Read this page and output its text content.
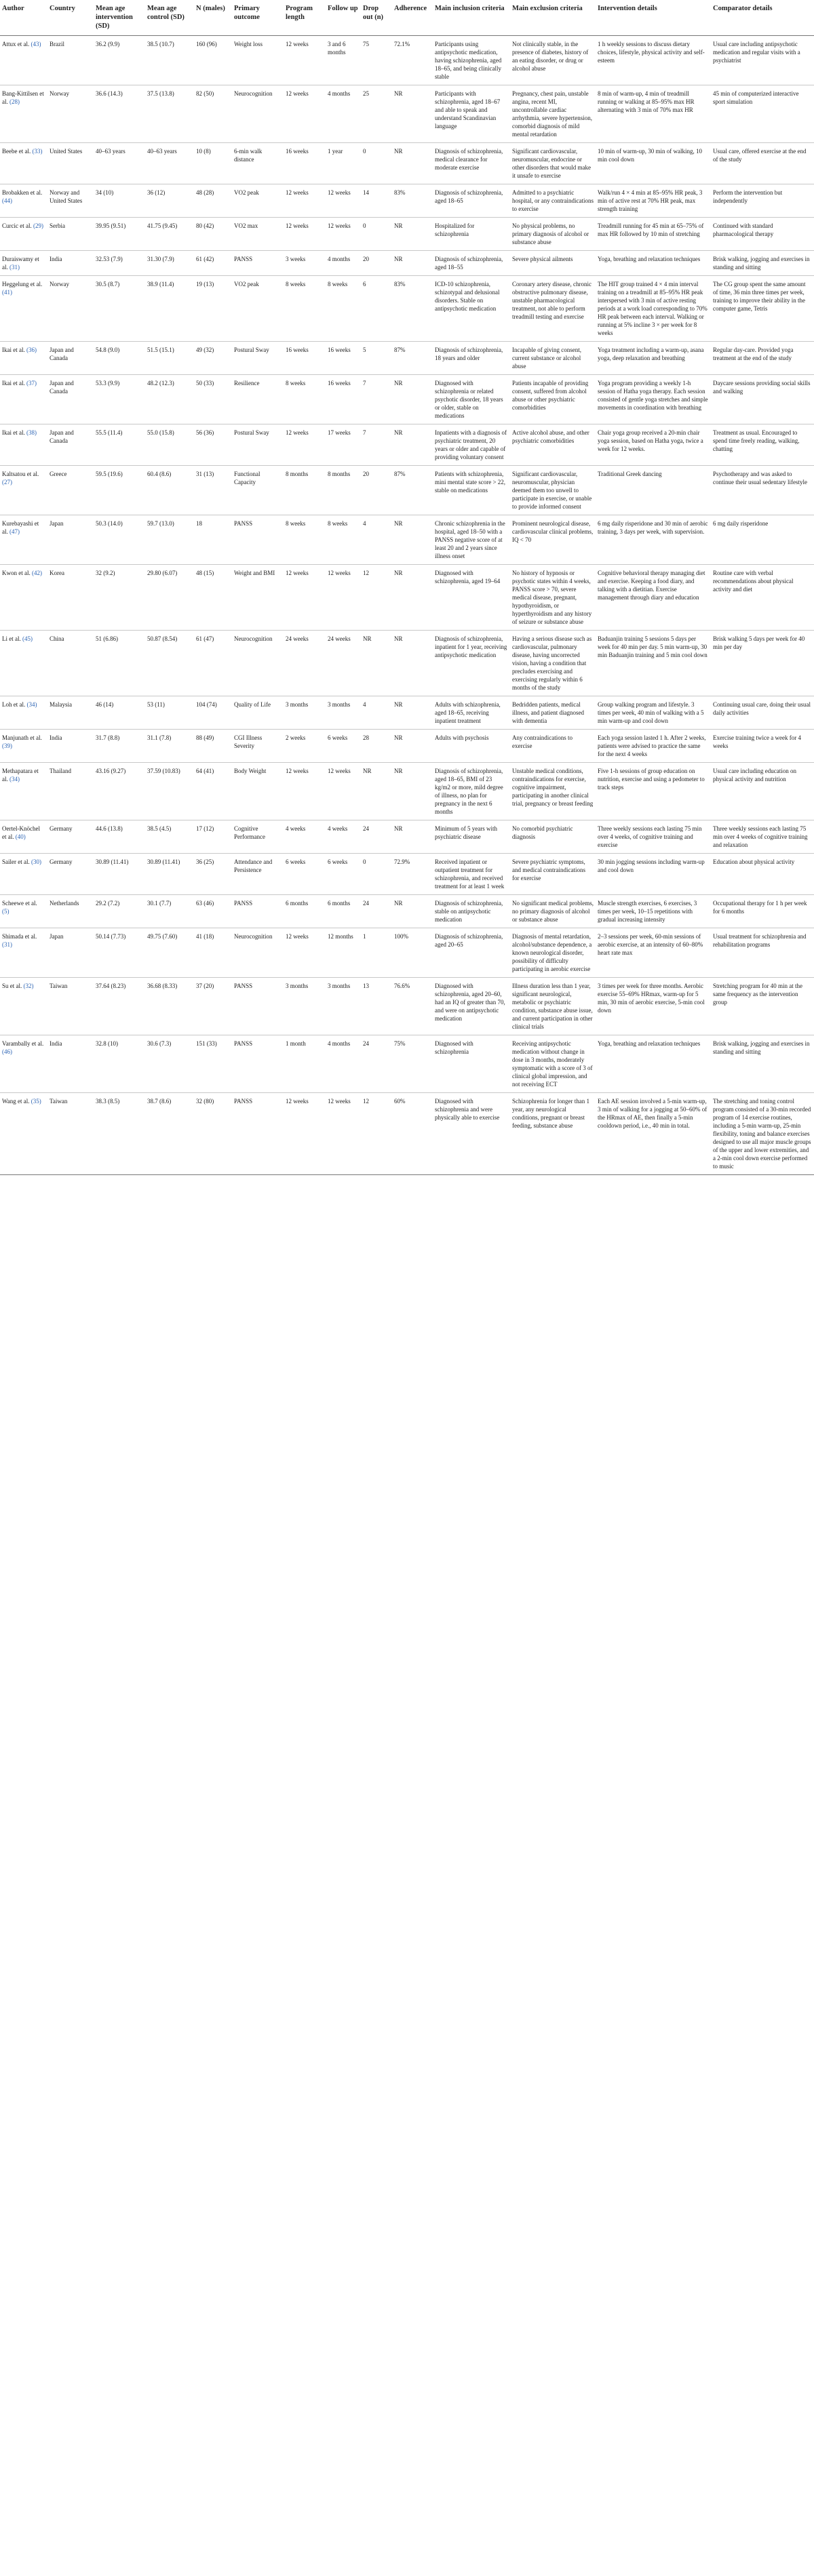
Author	Country	Mean age intervention (SD)	Mean age control (SD)	N (males)	Primary outcome	Program length	Follow up	Drop out (n)	Adherence	Main inclusion criteria	Main exclusion criteria	Intervention details	Comparator details
Attux et al. (43)	Brazil	36.2 (9.9)	38.5 (10.7)	160 (96)	Weight loss	12 weeks	3 and 6 months	75	72.1%	Participants using antipsychotic medication, having schizophrenia, aged 18–65, and being clinically stable	Not clinically stable, in the presence of diabetes, history of an eating disorder, or drug or alcohol abuse	1 h weekly sessions to discuss dietary choices, lifestyle, physical activity and self-esteem	Usual care including antipsychotic medication and regular visits with a psychiatrist
Bang-Kittilsen et al. (28)	Norway	36.6 (14.3)	37.5 (13.8)	82 (50)	Neurocognition	12 weeks	4 months	25	NR	Participants with schizophrenia, aged 18–67 and able to speak and understand Scandinavian language	Pregnancy, chest pain, unstable angina, recent MI, uncontrollable cardiac arrhythmia, severe hypertension, comorbid diagnosis of mild mental retardation	8 min of warm-up, 4 min of treadmill running or walking at 85–95% max HR alternating with 3 min of 70% max HR	45 min of computerized interactive sport simulation
Beebe et al. (33)	United States	40–63 years	40–63 years	10 (8)	6-min walk distance	16 weeks	1 year	0	NR	Diagnosis of schizophrenia, medical clearance for moderate exercise	Significant cardiovascular, neuromuscular, endocrine or other disorders that would make it unsafe to exercise	10 min of warm-up, 30 min of walking, 10 min cool down	Usual care, offered exercise at the end of the study
Brobakken et al. (44)	Norway and United States	34 (10)	36 (12)	48 (28)	VO2 peak	12 weeks	12 weeks	14	83%	Diagnosis of schizophrenia, aged 18–65	Admitted to a psychiatric hospital, or any contraindications to exercise	Walk/run 4 × 4 min at 85–95% HR peak, 3 min of active rest at 70% HR peak, max strength training	Perform the intervention but independently
Curcic et al. (29)	Serbia	39.95 (9.51)	41.75 (9.45)	80 (42)	VO2 max	12 weeks	12 weeks	0	NR	Hospitalized for schizophrenia	No physical problems, no primary diagnosis of alcohol or substance abuse	Treadmill running for 45 min at 65–75% of max HR followed by 10 min of stretching	Continued with standard pharmacological therapy
Duraiswamy et al. (31)	India	32.53 (7.9)	31.30 (7.9)	61 (42)	PANSS	3 weeks	4 months	20	NR	Diagnosis of schizophrenia, aged 18–55	Severe physical ailments	Yoga, breathing and relaxation techniques	Brisk walking, jogging and exercises in standing and sitting
Heggelung et al. (41)	Norway	30.5 (8.7)	38.9 (11.4)	19 (13)	VO2 peak	8 weeks	8 weeks	6	83%	ICD-10 schizophrenia, schizotypal and delusional disorders. Stable on antipsychotic medication	Coronary artery disease, chronic obstructive pulmonary disease, unstable pharmacological treatment, not able to perform treadmill testing and exercise	The HIT group trained 4 × 4 min interval training on a treadmill at 85–95% HR peak interspersed with 3 min of active resting periods at a work load corresponding to 70% HR peak between each interval. Walking or running at 5% incline 3 × per week for 8 weeks	The CG group spent the same amount of time, 36 min three times per week, training to improve their ability in the computer game, Tetris
Ikai et al. (36)	Japan and Canada	54.8 (9.0)	51.5 (15.1)	49 (32)	Postural Sway	16 weeks	16 weeks	5	87%	Diagnosis of schizophrenia, 18 years and older	Incapable of giving consent, current substance or alcohol abuse	Yoga treatment including a warm-up, asana yoga, deep relaxation and breathing	Regular day-care. Provided yoga treatment at the end of the study
Ikai et al. (37)	Japan and Canada	53.3 (9.9)	48.2 (12.3)	50 (33)	Resilience	8 weeks	16 weeks	7	NR	Diagnosed with schizophrenia or related psychotic disorder, 18 years or older, stable on medications	Patients incapable of providing consent, suffered from alcohol abuse or other psychiatric comorbidities	Yoga program providing a weekly 1-h session of Hatha yoga therapy. Each session consisted of gentle yoga stretches and simple movements in coordination with breathing	Daycare sessions providing social skills and walking
Ikai et al. (38)	Japan and Canada	55.5 (11.4)	55.0 (15.8)	56 (36)	Postural Sway	12 weeks	17 weeks	7	NR	Inpatients with a diagnosis of psychiatric treatment, 20 years or older and capable of providing voluntary consent	Active alcohol abuse, and other psychiatric comorbidities	Chair yoga group received a 20-min chair yoga session, based on Hatha yoga, twice a week for 12 weeks.	Treatment as usual. Encouraged to spend time freely reading, walking, chatting
Kaltsatou et al. (27)	Greece	59.5 (19.6)	60.4 (8.6)	31 (13)	Functional Capacity	8 months	8 months	20	87%	Patients with schizophrenia, mini mental state score > 22, stable on medications	Significant cardiovascular, neuromuscular, physician deemed them too unwell to participate in exercise, or unable to provide informed consent	Traditional Greek dancing	Psychotherapy and was asked to continue their usual sedentary lifestyle
Kurebayashi et al. (47)	Japan	50.3 (14.0)	59.7 (13.0)	18	PANSS	8 weeks	8 weeks	4	NR	Chronic schizophrenia in the hospital, aged 18–50 with a PANSS negative score of at least 20 and 2 years since illness onset	Prominent neurological disease, cardiovascular clinical problems, IQ < 70	6 mg daily risperidone and 30 min of aerobic training, 3 days per week, with supervision.	6 mg daily risperidone
Kwon et al. (42)	Korea	32 (9.2)	29.80 (6.07)	48 (15)	Weight and BMI	12 weeks	12 weeks	12	NR	Diagnosed with schizophrenia, aged 19–64	No history of hypnosis or psychotic states within 4 weeks, PANSS score > 70, severe medical disease, pregnant, hypothyroidism, or hyperthyroidism and any history of seizure or substance abuse	Cognitive behavioral therapy managing diet and exercise. Keeping a food diary, and talking with a dietitian. Exercise management through diary and education	Routine care with verbal recommendations about physical activity and diet
Li et al. (45)	China	51 (6.86)	50.87 (8.54)	61 (47)	Neurocognition	24 weeks	24 weeks	NR	NR	Diagnosis of schizophrenia, inpatient for 1 year, receiving antipsychotic medication	Having a serious disease such as cardiovascular, pulmonary disease, having uncorrected vision, having a condition that precludes exercising and exercising regularly within 6 months of the study	Baduanjin training 5 sessions 5 days per week for 40 min per day. 5 min warm-up, 30 min Baduanjin training and 5 min cool down	Brisk walking 5 days per week for 40 min per day
Loh et al. (34)	Malaysia	46 (14)	53 (11)	104 (74)	Quality of Life	3 months	3 months	4	NR	Adults with schizophrenia, aged 18–65, receiving inpatient treatment	Bedridden patients, medical illness, and patient diagnosed with dementia	Group walking program and lifestyle. 3 times per week, 40 min of walking with a 5 min warm-up and cool down	Continuing usual care, doing their usual daily activities
Manjunath et al. (39)	India	31.7 (8.8)	31.1 (7.8)	88 (49)	CGI Illness Severity	2 weeks	6 weeks	28	NR	Adults with psychosis	Any contraindications to exercise	Each yoga session lasted 1 h. After 2 weeks, patients were advised to practice the same for the next 4 weeks	Exercise training twice a week for 4 weeks
Methapatara et al. (34)	Thailand	43.16 (9.27)	37.59 (10.83)	64 (41)	Body Weight	12 weeks	12 weeks	NR	NR	Diagnosis of schizophrenia, aged 18–65, BMI of 23 kg/m2 or more, mild degree of illness, no plan for pregnancy in the next 6 months	Unstable medical conditions, contraindications for exercise, cognitive impairment, participating in another clinical trial, pregnancy or breast feeding	Five 1-h sessions of group education on nutrition, exercise and using a pedometer to track steps	Usual care including education on physical activity and nutrition
Oertel-Knöchel et al. (40)	Germany	44.6 (13.8)	38.5 (4.5)	17 (12)	Cognitive Performance	4 weeks	4 weeks	24	NR	Minimum of 5 years with psychiatric disease	No comorbid psychiatric diagnosis	Three weekly sessions each lasting 75 min over 4 weeks, of cognitive training and exercise	Three weekly sessions each lasting 75 min over 4 weeks of cognitive training and relaxation
Sailer et al. (30)	Germany	30.89 (11.41)	30.89 (11.41)	36 (25)	Attendance and Persistence	6 weeks	6 weeks	0	72.9%	Received inpatient or outpatient treatment for schizophrenia, and received treatment for at least 1 week	Severe psychiatric symptoms, and medical contraindications for exercise	30 min jogging sessions including warm-up and cool down	Education about physical activity
Scheewe et al. (5)	Netherlands	29.2 (7.2)	30.1 (7.7)	63 (46)	PANSS	6 months	6 months	24	NR	Diagnosis of schizophrenia, stable on antipsychotic medication	No significant medical problems, no primary diagnosis of alcohol or substance abuse	Muscle strength exercises, 6 exercises, 3 times per week, 10–15 repetitions with gradual increasing intensity	Occupational therapy for 1 h per week for 6 months
Shimada et al. (31)	Japan	50.14 (7.73)	49.75 (7.60)	41 (18)	Neurocognition	12 weeks	12 months	1	100%	Diagnosis of schizophrenia, aged 20–65	Diagnosis of mental retardation, alcohol/substance dependence, a known neurological disorder, possibility of difficulty participating in aerobic exercise	2–3 sessions per week, 60-min sessions of aerobic exercise, at an intensity of 60–80% heart rate max	Usual treatment for schizophrenia and rehabilitation programs
Su et al. (32)	Taiwan	37.64 (8.23)	36.68 (8.33)	37 (20)	PANSS	3 months	3 months	13	76.6%	Diagnosed with schizophrenia, aged 20–60, had an IQ of greater than 70, and were on antipsychotic medication	Illness duration less than 1 year, significant neurological, metabolic or psychiatric condition, substance abuse issue, and current participation in other clinical trials	3 times per week for three months. Aerobic exercise 55–69% HRmax, warm-up for 5 min, 30 min of aerobic exercise, 5-min cool down	Stretching program for 40 min at the same frequency as the intervention group
Varambally et al. (46)	India	32.8 (10)	30.6 (7.3)	151 (33)	PANSS	1 month	4 months	24	75%	Diagnosed with schizophrenia	Receiving antipsychotic medication without change in dose in 3 months, moderately symptomatic with a score of 3 of clinical global impression, and not receiving ECT	Yoga, breathing and relaxation techniques	Brisk walking, jogging and exercises in standing and sitting
Wang et al. (35)	Taiwan	38.3 (8.5)	38.7 (8.6)	32 (80)	PANSS	12 weeks	12 weeks	12	60%	Diagnosed with schizophrenia and were physically able to exercise	Schizophrenia for longer than 1 year, any neurological conditions, pregnant or breast feeding, substance abuse	Each AE session involved a 5-min warm-up, 3 min of walking for a jogging at 50–60% of the HRmax of AE, then finally a 5-min cooldown period, i.e., 40 min in total.	The stretching and toning control program consisted of a 30-min recorded program of 14 exercise routines, including a 5-min warm-up, 25-min flexibility, toning and balance exercises designed to use all major muscle groups of the upper and lower extremities, and a 2-min cool down exercise performed to music
